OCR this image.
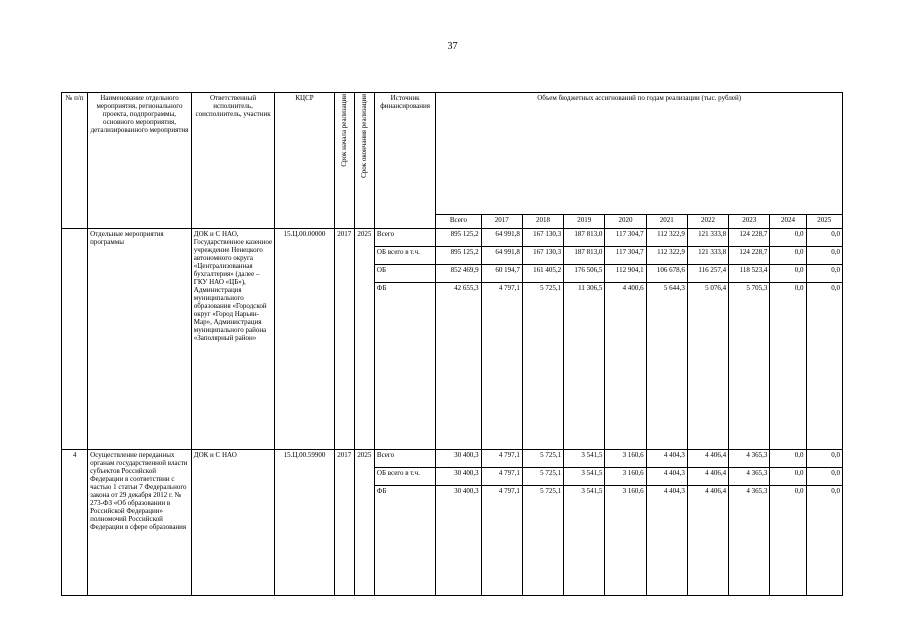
37
№ п/п	Наименование отдельного мероприятия, регионального проекта, подпрограммы, основного мероприятия, детализированного мероприятия	Ответственный исполнитель, соисполнитель, участник	КЦСР	Срок начала реализации	Срок окончания реализации	Источник финансирования	Объем бюджетных ассигнований по годам реализации (тыс. рублей)									
							Всего	2017	2018	2019	2020	2021	2022	2023	2024	2025
	Отдельные мероприятия программы	ДОК и С НАО, Государственное казенное учреждение Ненецкого автономного округа «Централизованная бухгалтерия» (далее – ГКУ НАО «ЦБ»), Администрация муниципального образования «Городской округ «Город Нарьян-Мар», Администрация муниципального района «Заполярный район»	15.Ц.00.00000	2017	2025	Всего	895 125,2	64 991,8	167 130,3	187 813,0	117 304,7	112 322,9	121 333,8	124 228,7	0,0	0,0
						ОБ всего в т.ч.	895 125,2	64 991,8	167 130,3	187 813,0	117 304,7	112 322,9	121 333,8	124 228,7	0,0	0,0
						ОБ	852 469,9	60 194,7	161 405,2	176 506,5	112 904,1	106 678,6	116 257,4	118 523,4	0,0	0,0
						ФБ	42 655,3	4 797,1	5 725,1	11 306,5	4 400,6	5 644,3	5 076,4	5 705,3	0,0	0,0
4	Осуществление переданных органам государственной власти субъектов Российской Федерации в соответствии с частью 1 статьи 7 Федерального закона от 29 декабря 2012 г. № 273-ФЗ «Об образовании в Российской Федерации» полномочий Российской Федерации в сфере образования	ДОК и С НАО	15.Ц.00.59900	2017	2025	Всего	30 400,3	4 797,1	5 725,1	3 541,5	3 160,6	4 404,3	4 406,4	4 365,3	0,0	0,0
						ОБ всего в т.ч.	30 400,3	4 797,1	5 725,1	3 541,5	3 160,6	4 404,3	4 406,4	4 365,3	0,0	0,0
						ФБ	30 400,3	4 797,1	5 725,1	3 541,5	3 160,6	4 404,3	4 406,4	4 365,3	0,0	0,0
